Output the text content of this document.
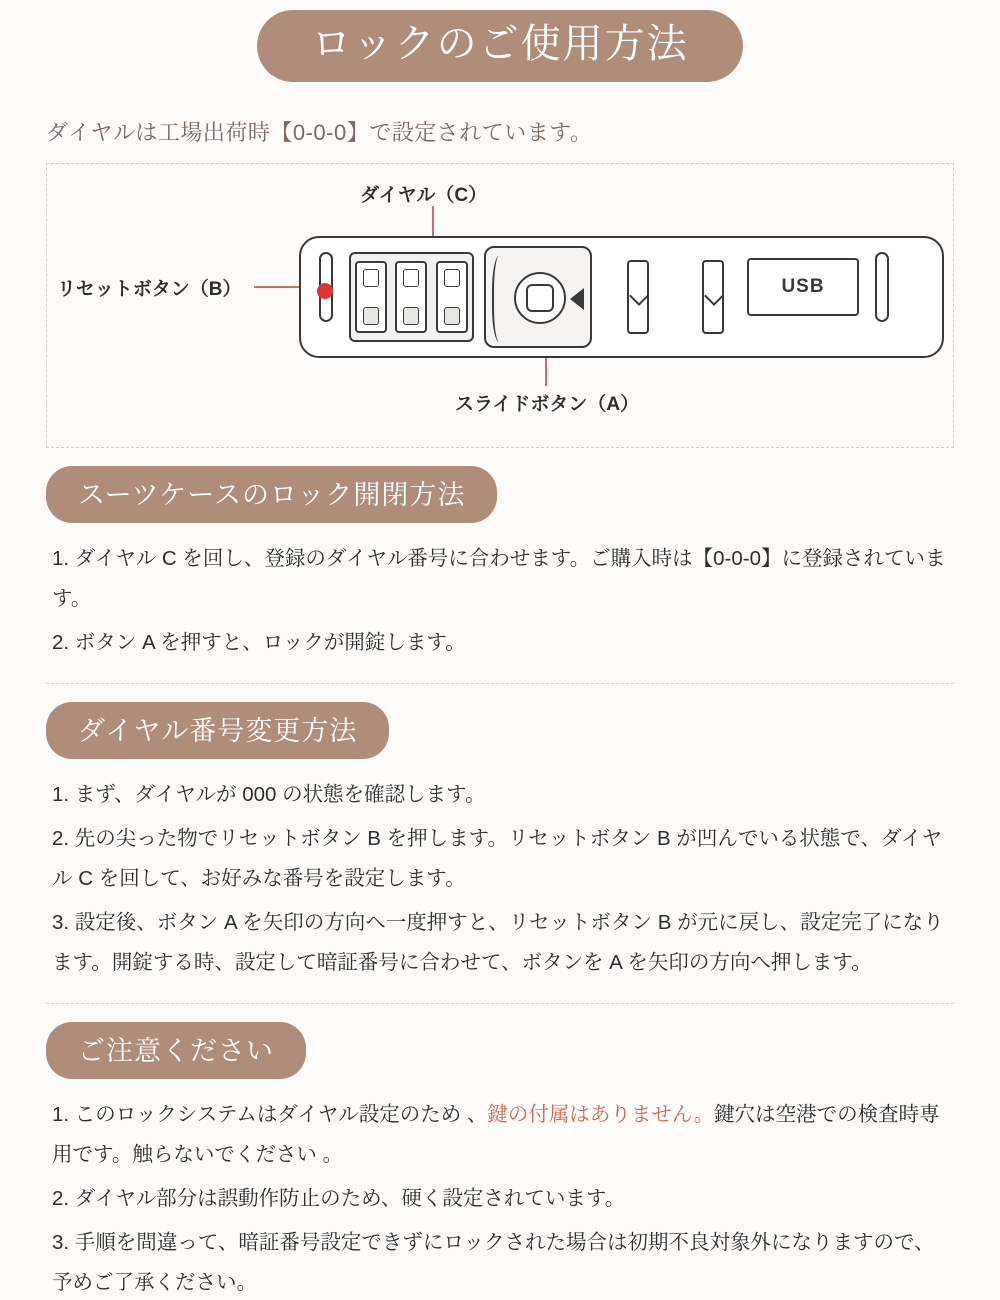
ロックのご使用方法
ダイヤルは工場出荷時【0-0-0】で設定されています。
ダイヤル（C）
リセットボタン（B）
スライドボタン（A）
USB
スーツケースのロック開閉方法

1. ダイヤル C を回し、登録のダイヤル番号に合わせます。ご購入時は【0-0-0】に登録されています。

2. ボタン A を押すと、ロックが開錠します。

ダイヤル番号変更方法

1. まず、ダイヤルが 000 の状態を確認します。

2. 先の尖った物でリセットボタン B を押します。リセットボタン B が凹んでいる状態で、ダイヤル C を回して、お好みな番号を設定します。

3. 設定後、ボタン A を矢印の方向へ一度押すと、リセットボタン B が元に戻し、設定完了になります。開錠する時、設定して暗証番号に合わせて、ボタンを A を矢印の方向へ押します。

ご注意ください

1. このロックシステムはダイヤル設定のため 、鍵の付属はありません。鍵穴は空港での検査時専用です。触らないでください 。

2. ダイヤル部分は誤動作防止のため、硬く設定されています。

3. 手順を間違って、暗証番号設定できずにロックされた場合は初期不良対象外になりますので、予めご了承ください。
